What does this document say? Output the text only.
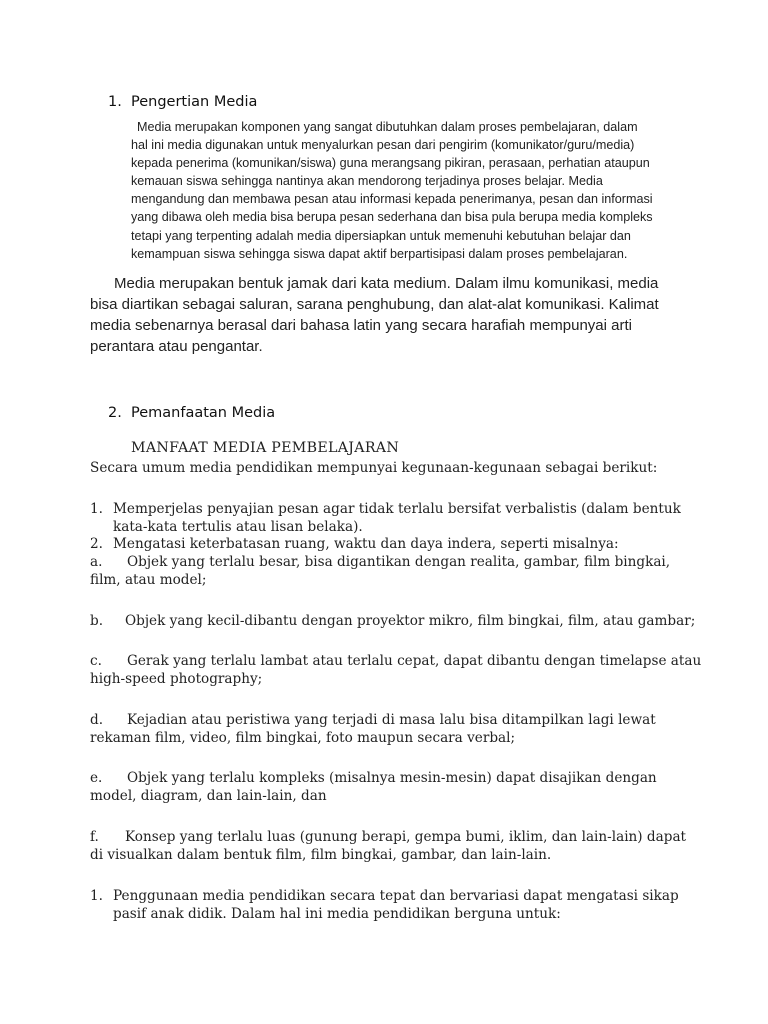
1. Pengertian Media
Media merupakan komponen yang sangat dibutuhkan dalam proses pembelajaran, dalam
hal ini media digunakan untuk menyalurkan pesan dari pengirim (komunikator/guru/media)
kepada penerima (komunikan/siswa) guna merangsang pikiran, perasaan, perhatian ataupun
kemauan siswa sehingga nantinya akan mendorong terjadinya proses belajar. Media
mengandung dan membawa pesan atau informasi kepada penerimanya, pesan dan informasi
yang dibawa oleh media bisa berupa pesan sederhana dan bisa pula berupa media kompleks
tetapi yang terpenting adalah media dipersiapkan untuk memenuhi kebutuhan belajar dan
kemampuan siswa sehingga siswa dapat aktif berpartisipasi dalam proses pembelajaran.
Media merupakan bentuk jamak dari kata medium. Dalam ilmu komunikasi, media
bisa diartikan sebagai saluran, sarana penghubung, dan alat-alat komunikasi. Kalimat
media sebenarnya berasal dari bahasa latin yang secara harafiah mempunyai arti
perantara atau pengantar.
2. Pemanfaatan Media
MANFAAT MEDIA PEMBELAJARAN
Secara umum media pendidikan mempunyai kegunaan-kegunaan sebagai berikut:
1. Memperjelas penyajian pesan agar tidak terlalu bersifat verbalistis (dalam bentuk
kata-kata tertulis atau lisan belaka).
2. Mengatasi keterbatasan ruang, waktu dan daya indera, seperti misalnya:
a. Objek yang terlalu besar, bisa digantikan dengan realita, gambar, film bingkai,
film, atau model;
b. Objek yang kecil-dibantu dengan proyektor mikro, film bingkai, film, atau gambar;
c. Gerak yang terlalu lambat atau terlalu cepat, dapat dibantu dengan timelapse atau
high-speed photography;
d. Kejadian atau peristiwa yang terjadi di masa lalu bisa ditampilkan lagi lewat
rekaman film, video, film bingkai, foto maupun secara verbal;
e. Objek yang terlalu kompleks (misalnya mesin-mesin) dapat disajikan dengan
model, diagram, dan lain-lain, dan
f. Konsep yang terlalu luas (gunung berapi, gempa bumi, iklim, dan lain-lain) dapat
di visualkan dalam bentuk film, film bingkai, gambar, dan lain-lain.
1. Penggunaan media pendidikan secara tepat dan bervariasi dapat mengatasi sikap
pasif anak didik. Dalam hal ini media pendidikan berguna untuk:
